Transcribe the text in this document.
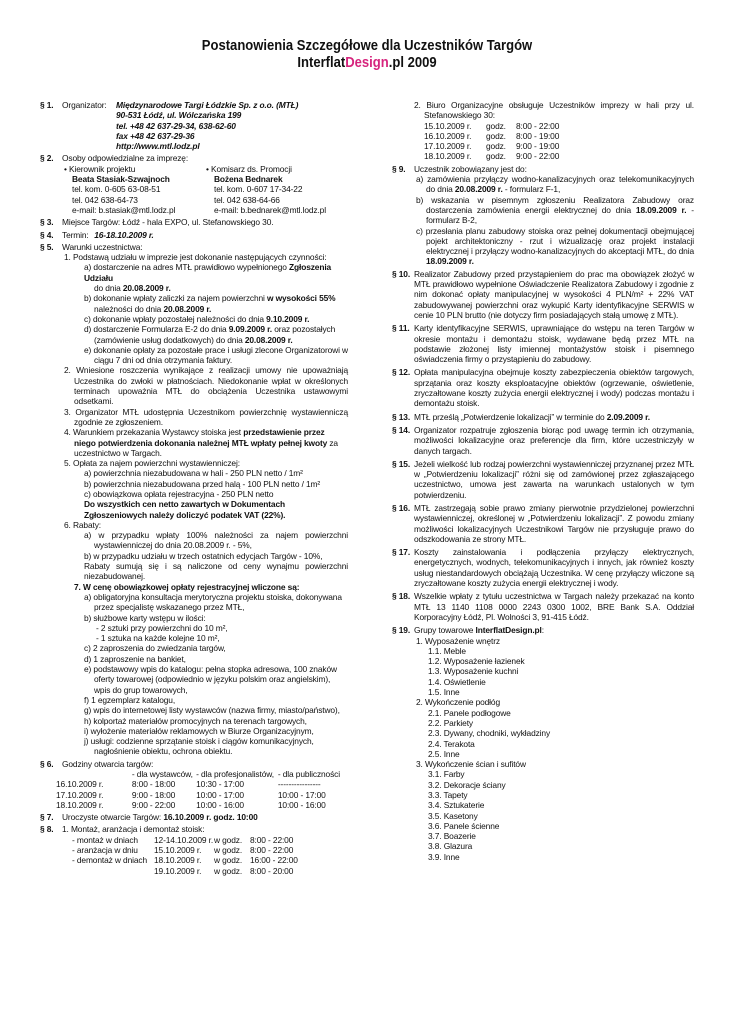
Postanowienia Szczegółowe dla Uczestników Targów
InterflatDesign.pl 2009
§ 1. Organizator:	Międzynarodowe Targi Łódzkie Sp. z o.o. (MTŁ)
90-531 Łódź, ul. Wólczańska 199
tel. +48 42 637-29-34, 638-62-60
fax +48 42 637-29-36
http://www.mtl.lodz.pl
§ 2. Osoby odpowiedzialne za imprezę:
• Kierownik projektu
Beata Stasiak-Szwajnoch
tel. kom. 0-605 63-08-51
tel. 042 638-64-73
e-mail: b.stasiak@mtl.lodz.pl
• Komisarz ds. Promocji
Bożena Bednarek
tel. kom. 0-607 17-34-22
tel. 042 638-64-66
e-mail: b.bednarek@mtl.lodz.pl
§ 3. Miejsce Targów: Łódź - hala EXPO, ul. Stefanowskiego 30.
§ 4. Termin: 16-18.10.2009 r.
§ 5. Warunki uczestnictwa:
1. Podstawą udziału w imprezie jest dokonanie następujących czynności:
a) dostarczenie na adres MTŁ prawidłowo wypełnionego Zgłoszenia Udziału
do dnia 20.08.2009 r.
b) dokonanie wpłaty zaliczki za najem powierzchni w wysokości 55%
należności do dnia 20.08.2009 r.
c) dokonanie wpłaty pozostałej należności do dnia 9.10.2009 r.
d) dostarczenie Formularza E-2 do dnia 9.09.2009 r. oraz pozostałych
(zamówienie usług dodatkowych) do dnia 20.08.2009 r.
e) dokonanie opłaty za pozostałe prace i usługi zlecone Organizatorowi w ciągu 7 dni od dnia otrzymania faktury.
2. Wniesione roszczenia wynikające z realizacji umowy nie upoważniają Uczestnika do zwłoki w płatnościach. Niedokonanie wpłat w określonych terminach upoważnia MTŁ do obciążenia Uczestnika ustawowymi odsetkami.
3. Organizator MTŁ udostępnia Uczestnikom powierzchnię wystawienniczą zgodnie ze zgłoszeniem.
4. Warunkiem przekazania Wystawcy stoiska jest przedstawienie przez niego potwierdzenia dokonania należnej MTŁ wpłaty pełnej kwoty za uczestnictwo w Targach.
5. Opłata za najem powierzchni wystawienniczej:
a) powierzchnia niezabudowana w hali - 250 PLN netto / 1m²
b) powierzchnia niezabudowana przed halą - 100 PLN netto / 1m²
c) obowiązkowa opłata rejestracyjna - 250 PLN netto
Do wszystkich cen netto zawartych w Dokumentach Zgłoszeniowych należy doliczyć podatek VAT (22%).
6. Rabaty:
a) w przypadku wpłaty 100% należności za najem powierzchni wystawienniczej do dnia 20.08.2009 r. - 5%,
b) w przypadku udziału w trzech ostatnich edycjach Targów - 10%,
Rabaty sumują się i są naliczone od ceny wynajmu powierzchni niezabudowanej.
7. W cenę obowiązkowej opłaty rejestracyjnej wliczone są:
a) obligatoryjna konsultacja merytoryczna projektu stoiska, dokonywana przez specjalistę wskazanego przez MTŁ,
b) służbowe karty wstępu w ilości:
- 2 sztuki przy powierzchni do 10 m²,
- 1 sztuka na każde kolejne 10 m²,
c) 2 zaproszenia do zwiedzania targów,
d) 1 zaproszenie na bankiet,
e) podstawowy wpis do katalogu: pełna stopka adresowa, 100 znaków oferty towarowej (odpowiednio w języku polskim oraz angielskim), wpis do grup towarowych,
f) 1 egzemplarz katalogu,
g) wpis do internetowej listy wystawców (nazwa firmy, miasto/państwo),
h) kolportaż materiałów promocyjnych na terenach targowych,
i) wyłożenie materiałów reklamowych w Biurze Organizacyjnym,
j) usługi: codzienne sprzątanie stoisk i ciągów komunikacyjnych, nagłośnienie obiektu, ochrona obiektu.
§ 6. Godziny otwarcia targów:
- dla wystawców, - dla profesjonalistów, - dla publiczności
16.10.2009 r.	8:00 - 18:00	10:30 - 17:00	----------------
17.10.2009 r.	9:00 - 18:00	10:00 - 17:00	10:00 - 17:00
18.10.2009 r.	9:00 - 22:00	10:00 - 16:00	10:00 - 16:00
§ 7. Uroczyste otwarcie Targów: 16.10.2009 r. godz. 10:00
§ 8. 1. Montaż, aranżacja i demontaż stoisk:
- montaż w dniach	12-14.10.2009 r. w godz. 8:00 - 22:00
- aranżacja w dniu	15.10.2009 r.	w godz. 8:00 - 22:00
- demontaż w dniach 18.10.2009 r.	w godz. 16:00 - 22:00
19.10.2009 r.	w godz. 8:00 - 20:00
2. Biuro Organizacyjne obsługuje Uczestników imprezy w hali przy ul. Stefanowskiego 30:
15.10.2009 r.	godz.	8:00 - 22:00
16.10.2009 r.	godz.	8:00 - 19:00
17.10.2009 r.	godz.	9:00 - 19:00
18.10.2009 r.	godz.	9:00 - 22:00
§ 9. Uczestnik zobowiązany jest do:
a) zamówienia przyłączy wodno-kanalizacyjnych oraz telekomunikacyjnych do dnia 20.08.2009 r. - formularz F-1,
b) wskazania w pisemnym zgłoszeniu Realizatora Zabudowy oraz dostarczenia zamówienia energii elektrycznej do dnia 18.09.2009 r. - formularz B-2,
c) przesłania planu zabudowy stoiska oraz pełnej dokumentacji obejmującej pojekt architektoniczny - rzut i wizualizację oraz projekt instalacji elektrycznej i przyłączy wodno-kanalizacyjnych do akceptacji MTŁ, do dnia 18.09.2009 r.
§ 10. Realizator Zabudowy przed przystąpieniem do prac ma obowiązek złożyć w MTŁ prawidłowo wypełnione Oświadczenie Realizatora Zabudowy i zgodnie z nim dokonać opłaty manipulacyjnej w wysokości 4 PLN/m² + 22% VAT zabudowywanej powierzchni oraz wykupić Karty identyfikacyjne SERWIS w cenie 10 PLN brutto (nie dotyczy firm posiadających stałą umowę z MTŁ).
§ 11. Karty identyfikacyjne SERWIS, uprawniające do wstępu na teren Targów w okresie montażu i demontażu stoisk, wydawane będą przez MTŁ na podstawie złożonej listy imiennej montażystów stoisk i pisemnego oświadczenia firmy o przystąpieniu do zabudowy.
§ 12. Opłata manipulacyjna obejmuje koszty zabezpieczenia obiektów targowych, sprzątania oraz koszty eksploatacyjne obiektów (ogrzewanie, oświetlenie, zryczałtowane koszty zużycia energii elektrycznej i wody) podczas montażu i demontażu stoisk.
§ 13. MTŁ prześlą „Potwierdzenie lokalizacji” w terminie do 2.09.2009 r.
§ 14. Organizator rozpatruje zgłoszenia biorąc pod uwagę termin ich otrzymania, możliwości lokalizacyjne oraz preferencje dla firm, które uczestniczyły w danych targach.
§ 15. Jeżeli wielkość lub rodzaj powierzchni wystawienniczej przyznanej przez MTŁ w „Potwierdzeniu lokalizacji” różni się od zamówionej przez zgłaszającego uczestnictwo, umowa jest zawarta na warunkach ustalonych w tym potwierdzeniu.
§ 16. MTŁ zastrzegają sobie prawo zmiany pierwotnie przydzielonej powierzchni wystawienniczej, określonej w „Potwierdzeniu lokalizacji”. Z powodu zmiany możliwości lokalizacyjnych Uczestnikowi Targów nie przysługuje prawo do odszkodowania ze strony MTŁ.
§ 17. Koszty zainstalowania i podłączenia przyłączy elektrycznych, energetycznych, wodnych, telekomunikacyjnych i innych, jak również koszty usług niestandardowych obciążają Uczestnika. W cenę przyłączy wliczone są zryczałtowane koszty zużycia energii elektrycznej i wody.
§ 18. Wszelkie wpłaty z tytułu uczestnictwa w Targach należy przekazać na konto MTŁ 13 1140 1108 0000 2243 0300 1002, BRE Bank S.A. Oddział Korporacyjny Łódź, Pl. Wolności 3, 91-415 Łódź.
§ 19. Grupy towarowe InterflatDesign.pl:
1. Wyposażenie wnętrz
1.1. Meble
1.2. Wyposażenie łazienek
1.3. Wyposażenie kuchni
1.4. Oświetlenie
1.5. Inne
2. Wykończenie podłóg
2.1. Panele podłogowe
2.2. Parkiety
2.3. Dywany, chodniki, wykładziny
2.4. Terakota
2.5. Inne
3. Wykończenie ścian i sufitów
3.1. Farby
3.2. Dekoracje ściany
3.3. Tapety
3.4. Sztukaterie
3.5. Kasetony
3.6. Panele ścienne
3.7. Boazerie
3.8. Glazura
3.9. Inne
